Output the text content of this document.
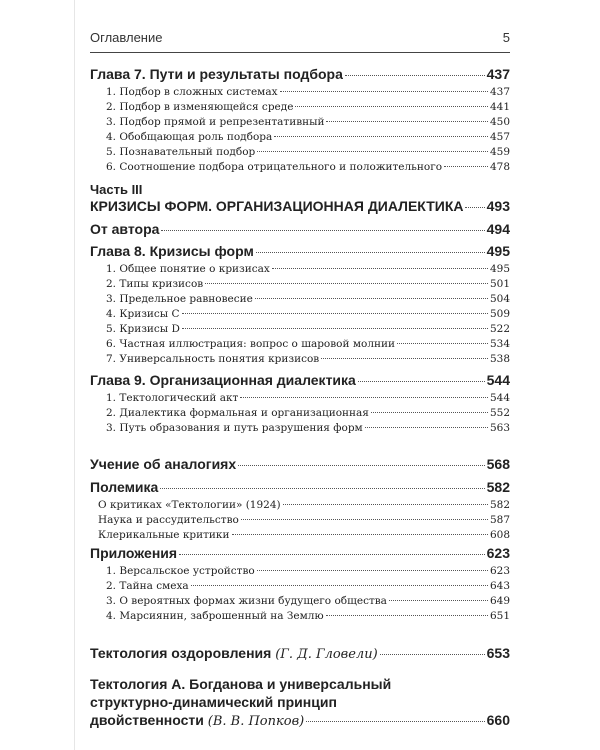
Оглавление	5
Глава 7. Пути и результаты подбора	437
1. Подбор в сложных системах	437
2. Подбор в изменяющейся среде	441
3. Подбор прямой и репрезентативный	450
4. Обобщающая роль подбора	457
5. Познавательный подбор	459
6. Соотношение подбора отрицательного и положительного	478
Часть III
КРИЗИСЫ ФОРМ. ОРГАНИЗАЦИОННАЯ ДИАЛЕКТИКА 493
От автора	494
Глава 8. Кризисы форм	495
1. Общее понятие о кризисах	495
2. Типы кризисов	501
3. Предельное равновесие	504
4. Кризисы С	509
5. Кризисы D	522
6. Частная иллюстрация: вопрос о шаровой молнии	534
7. Универсальность понятия кризисов	538
Глава 9. Организационная диалектика	544
1. Тектологический акт	544
2. Диалектика формальная и организационная	552
3. Путь образования и путь разрушения форм	563
Учение об аналогиях	568
Полемика	582
О критиках «Тектологии» (1924)	582
Наука и рассудительство	587
Клерикальные критики	608
Приложения	623
1. Версальское устройство	623
2. Тайна смеха	643
3. О вероятных формах жизни будущего общества	649
4. Марсиянин, заброшенный на Землю	651
Тектология оздоровления (Г. Д. Гловели)	653
Тектология А. Богданова и универсальный
структурно-динамический принцип
двойственности
(В. В. Попков)	660
